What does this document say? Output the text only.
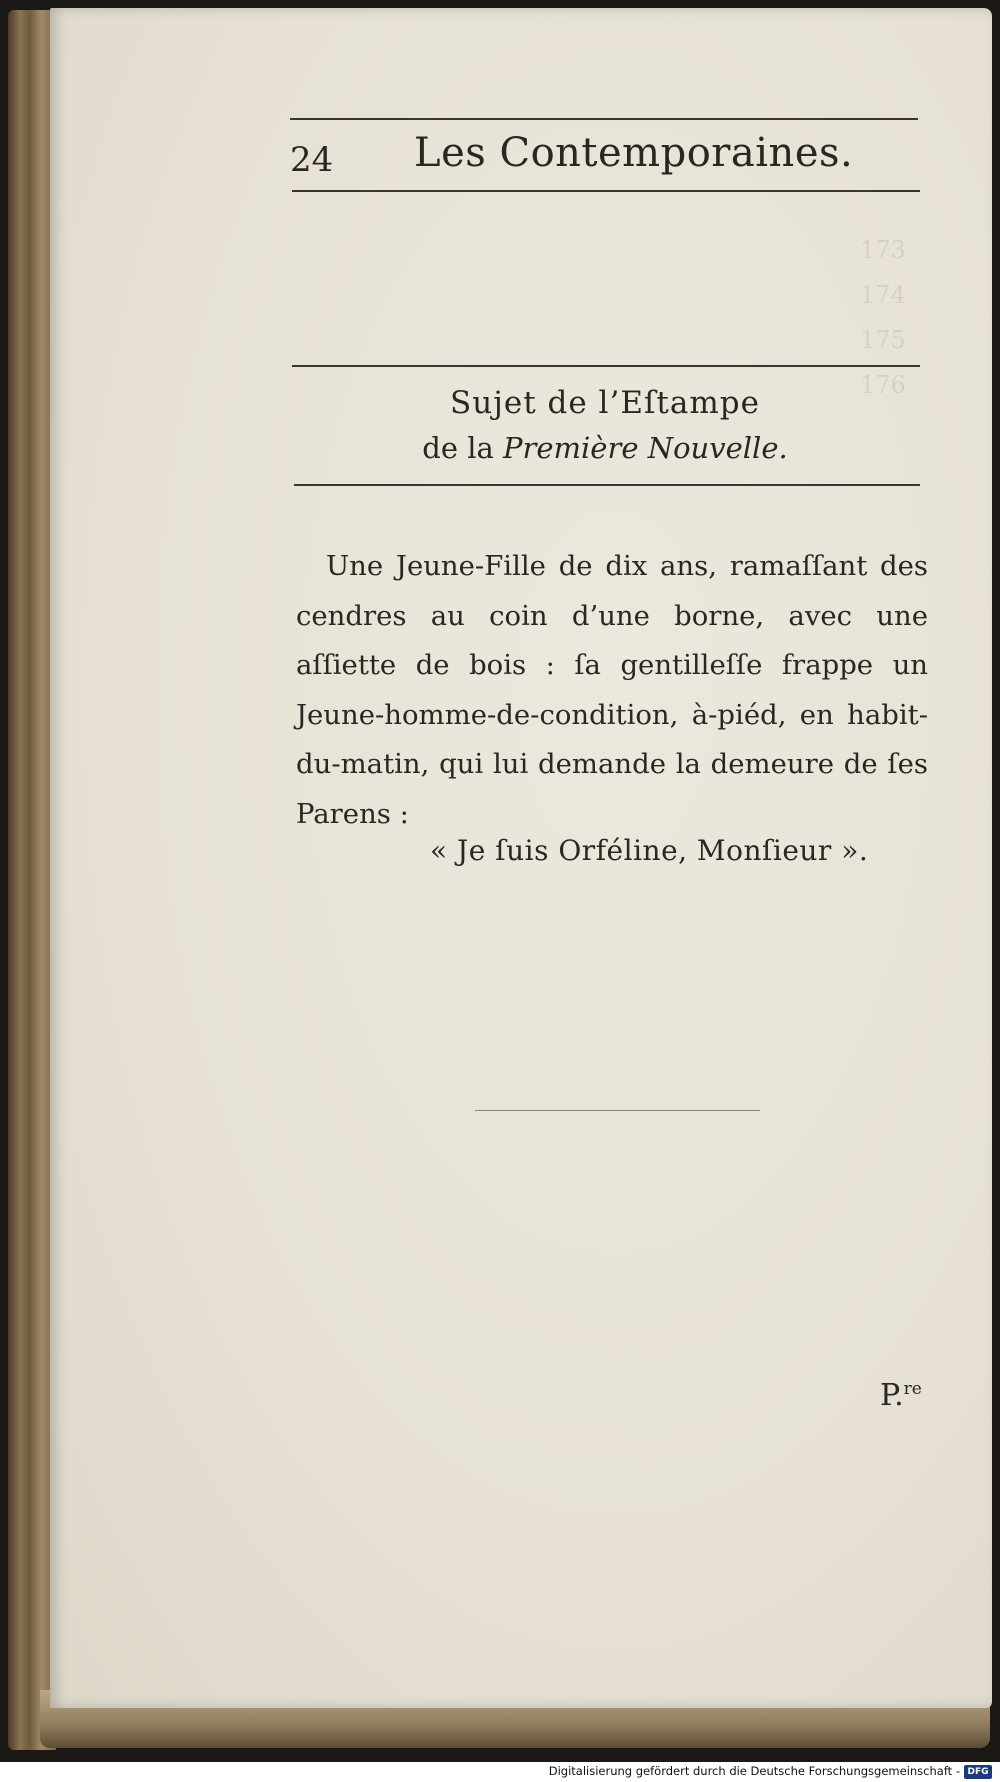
173
174
175
176
24 Les Contemporaines.
Sujet de l’Eſtampe
de la Première Nouvelle.
Une Jeune-Fille de dix ans, ramaſſant des cendres au coin d’une borne, avec une aſſiette de bois : ſa gentilleſſe frappe un Jeune-homme-de-condition, à-piéd, en habit-du-matin, qui lui demande la demeure de ſes Parens :
« Je ſuis Orféline, Monſieur ».
P.$^{re}$
Digitalisierung gefördert durch die Deutsche Forschungsgemeinschaft - DFG
